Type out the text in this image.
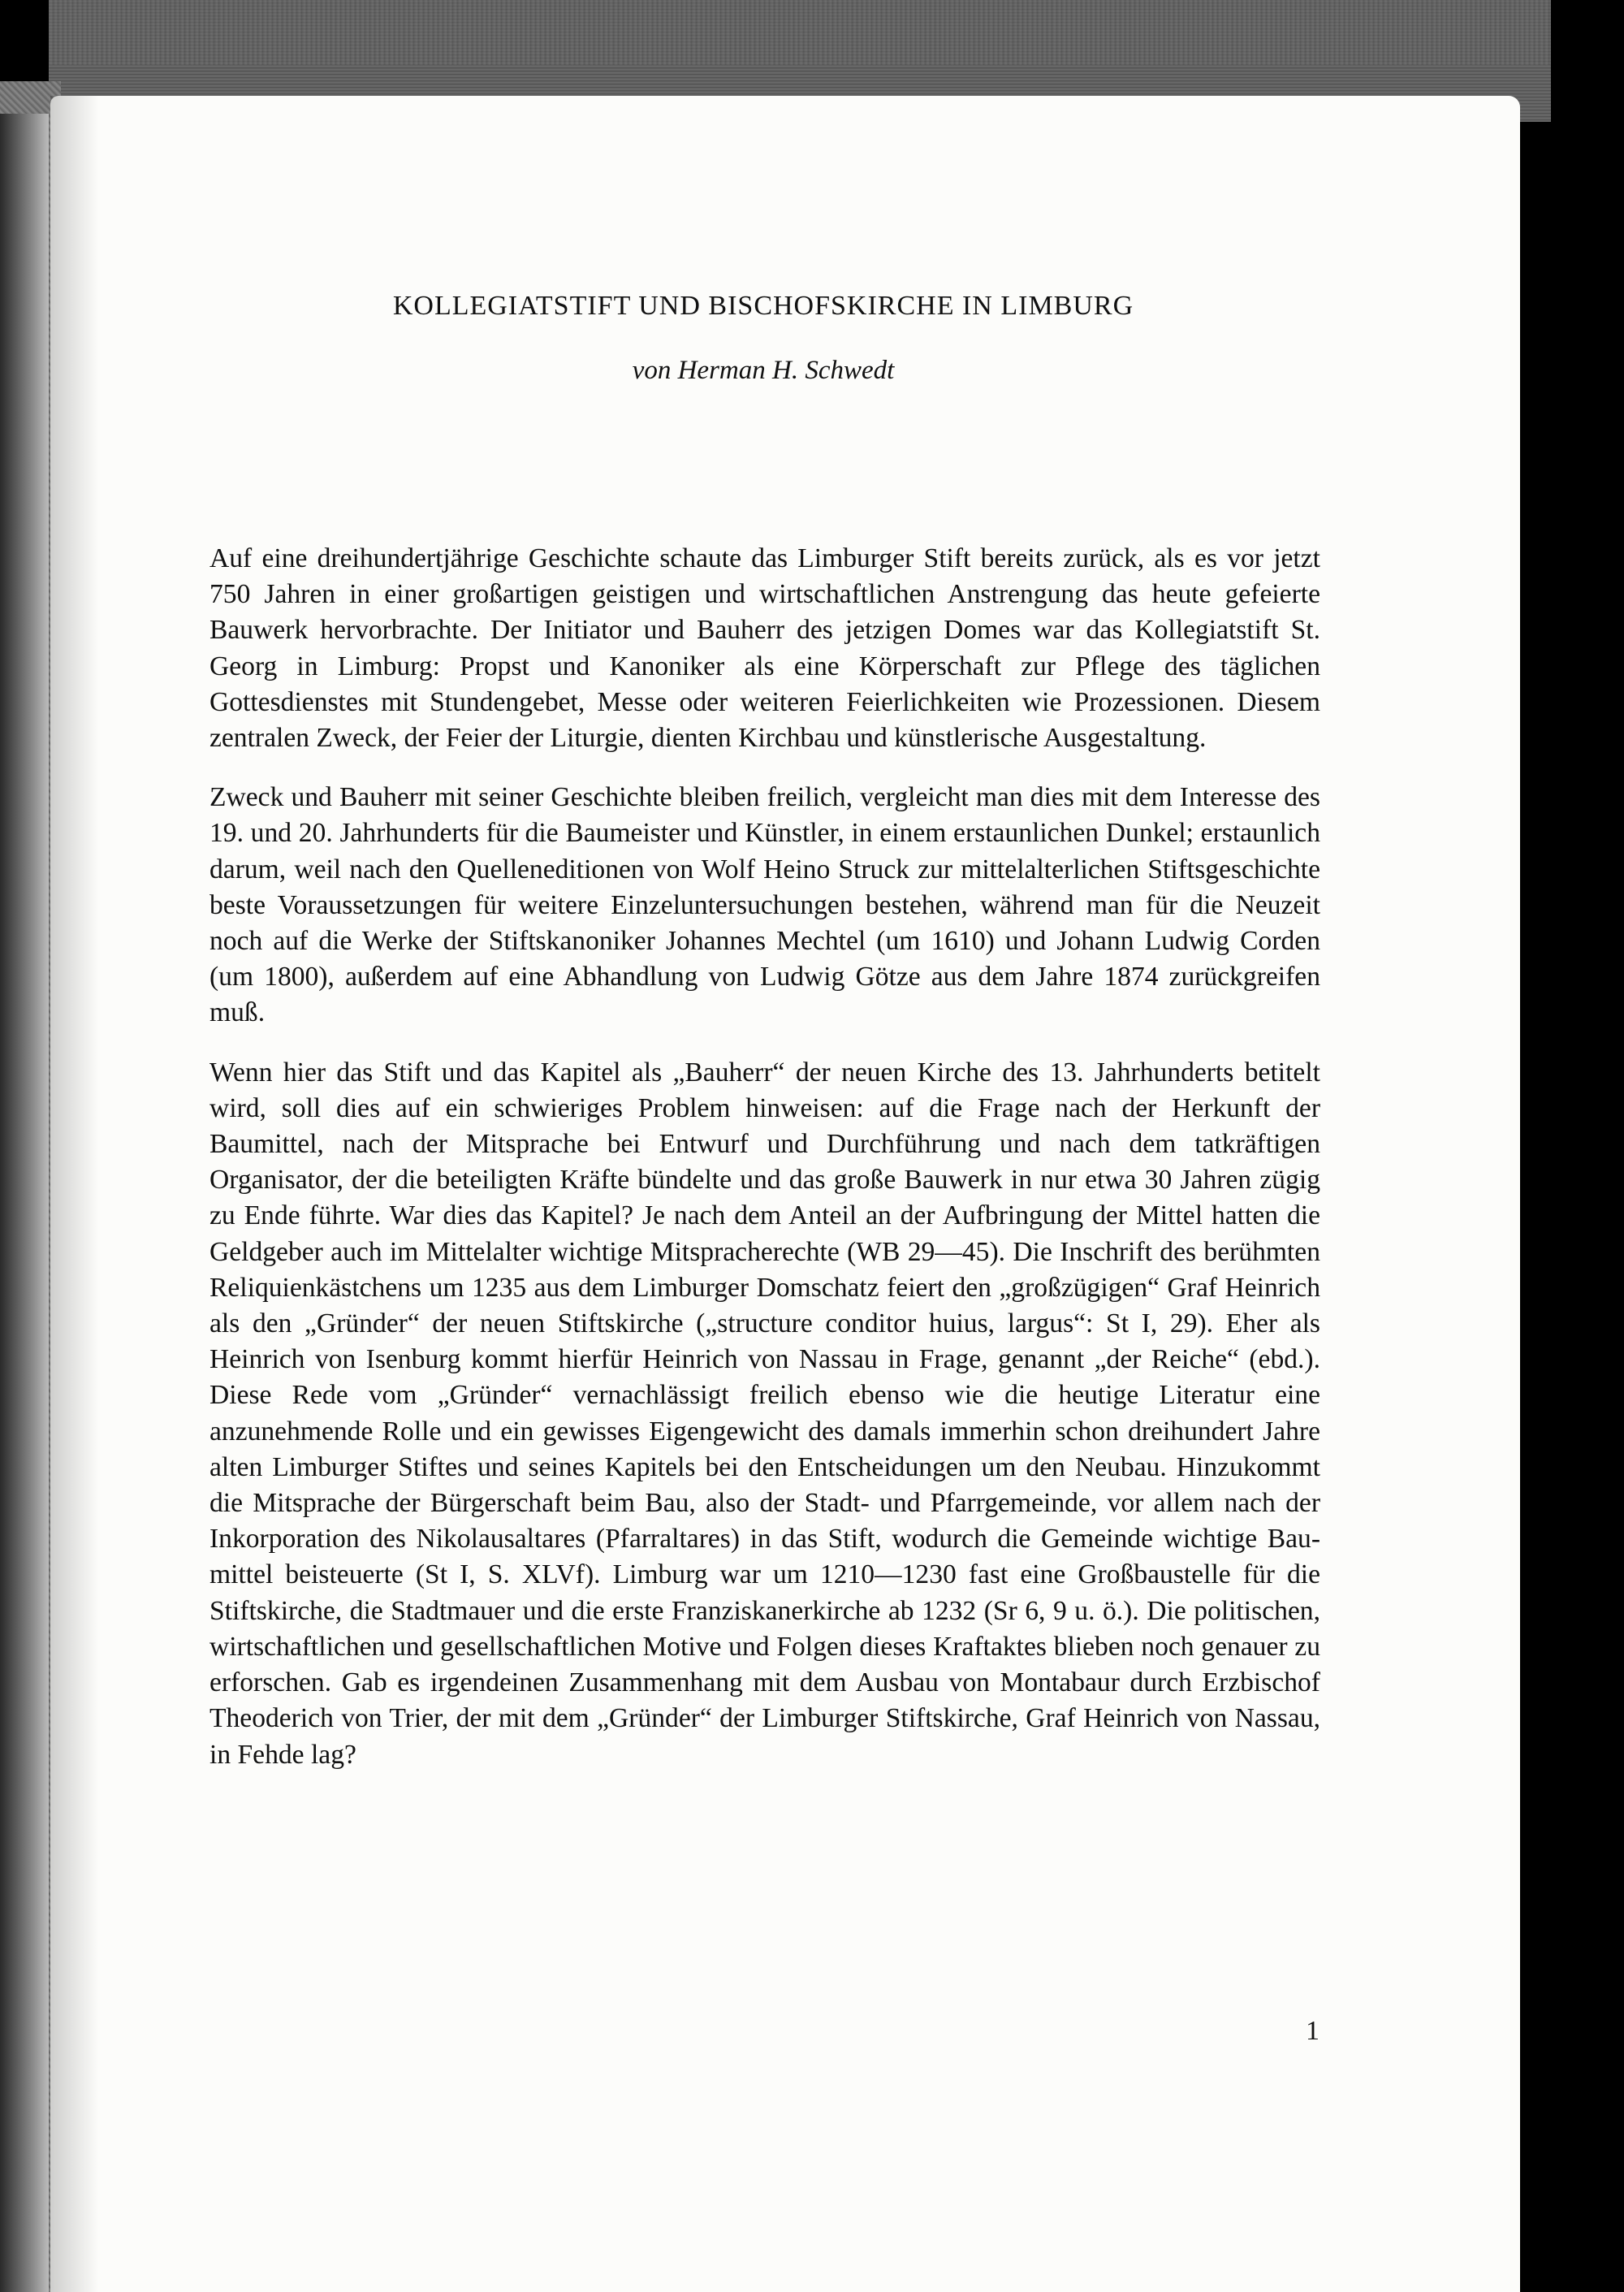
KOLLEGIATSTIFT UND BISCHOFSKIRCHE IN LIMBURG
von Herman H. Schwedt

Auf eine dreihundertjährige Geschichte schaute das Limburger Stift bereits zurück, als es vor jetzt 750 Jahren in einer großartigen geistigen und wirtschaftlichen Anstrengung das heute gefeierte Bauwerk hervorbrachte. Der Initiator und Bauherr des jetzigen Domes war das Kollegiatstift St. Georg in Limburg: Propst und Kanoniker als eine Körperschaft zur Pflege des täglichen Gottesdienstes mit Stundengebet, Messe oder weiteren Feierlichkeiten wie Prozessionen. Diesem zentralen Zweck, der Feier der Liturgie, dienten Kirchbau und künstlerische Ausgestaltung.

Zweck und Bauherr mit seiner Geschichte bleiben freilich, vergleicht man dies mit dem Interesse des 19. und 20. Jahrhunderts für die Baumeister und Künstler, in einem erstaunlichen Dunkel; erstaunlich darum, weil nach den Quelleneditionen von Wolf Heino Struck zur mittelalterlichen Stiftsgeschichte beste Voraussetzungen für weitere Einzeluntersuchungen bestehen, während man für die Neuzeit noch auf die Werke der Stiftskanoniker Johannes Mechtel (um 1610) und Johann Ludwig Corden (um 1800), außerdem auf eine Abhandlung von Ludwig Götze aus dem Jahre 1874 zurückgreifen muß.

Wenn hier das Stift und das Kapitel als „Bauherr“ der neuen Kirche des 13. Jahrhunderts betitelt wird, soll dies auf ein schwieriges Problem hinweisen: auf die Frage nach der Herkunft der Baumittel, nach der Mitsprache bei Entwurf und Durchführung und nach dem tatkräftigen Organisator, der die beteiligten Kräfte bündelte und das große Bauwerk in nur etwa 30 Jahren zügig zu Ende führte. War dies das Kapitel? Je nach dem Anteil an der Aufbringung der Mittel hatten die Geldgeber auch im Mittelalter wichtige Mitspracherechte (WB 29—45). Die Inschrift des berühmten Reliquienkästchens um 1235 aus dem Limburger Domschatz feiert den „großzügigen“ Graf Heinrich als den „Gründer“ der neuen Stiftskirche („structure conditor huius, largus“: St I, 29). Eher als Heinrich von Isenburg kommt hierfür Heinrich von Nassau in Frage, genannt „der Reiche“ (ebd.). Diese Rede vom „Gründer“ vernachlässigt freilich ebenso wie die heutige Literatur eine anzunehmende Rolle und ein gewisses Eigengewicht des damals immerhin schon dreihundert Jahre alten Limburger Stiftes und seines Kapitels bei den Entscheidungen um den Neubau. Hinzukommt die Mitsprache der Bürgerschaft beim Bau, also der Stadt- und Pfarrgemeinde, vor allem nach der Inkorporation des Nikolausaltares (Pfarraltares) in das Stift, wodurch die Gemeinde wichtige Baumittel beisteuerte (St I, S. XLVf). Limburg war um 1210—1230 fast eine Großbaustelle für die Stiftskirche, die Stadtmauer und die erste Franziskanerkirche ab 1232 (Sr 6, 9 u. ö.). Die politischen, wirtschaftlichen und gesellschaftlichen Motive und Folgen dieses Kraftaktes blieben noch genauer zu erforschen. Gab es irgendeinen Zusammenhang mit dem Ausbau von Montabaur durch Erzbischof Theoderich von Trier, der mit dem „Gründer“ der Limburger Stiftskirche, Graf Heinrich von Nassau, in Fehde lag?

1
